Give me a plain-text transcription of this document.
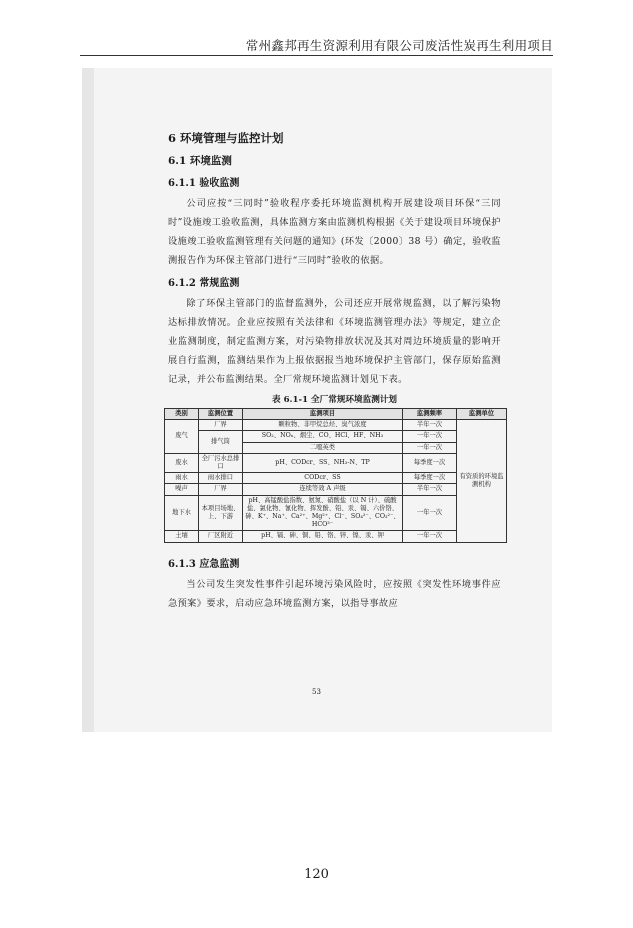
常州鑫邦再生资源利用有限公司废活性炭再生利用项目
6 环境管理与监控计划
6.1 环境监测
6.1.1 验收监测
公司应按“三同时”验收程序委托环境监测机构开展建设项目环保“三同时”设施竣工验收监测，具体监测方案由监测机构根据《关于建设项目环境保护设施竣工验收监测管理有关问题的通知》(环发〔2000〕38 号）确定，验收监测报告作为环保主管部门进行“三同时”验收的依据。
6.1.2 常规监测
除了环保主管部门的监督监测外，公司还应开展常规监测，以了解污染物达标排放情况。企业应按照有关法律和《环境监测管理办法》等规定，建立企业监测制度，制定监测方案，对污染物排放状况及其对周边环境质量的影响开展自行监测，监测结果作为上报依据报当地环境保护主管部门，保存原始监测记录，并公布监测结果。全厂常规环境监测计划见下表。
表 6.1-1 全厂常规环境监测计划
类别	监测位置	监测项目	监测频率	监测单位
废气	厂界	颗粒物、非甲烷总烃、臭气浓度	半年一次	有资质的环境监测机构
	排气筒	SO₂、NOₓ、烟尘、CO、HCl、HF、NH₃	一年一次	
		二噁英类	一年一次	
废水	全厂污水总排口	pH、CODcr、SS、NH₃-N、TP	每季度一次	
雨水	雨水排口	CODcr、SS	每季度一次	
噪声	厂界	连续等效 A 声级	半年一次	
地下水	本项目场地、上、下游	pH、高锰酸盐指数、氨氮、硝酸盐（以 N 计）、硫酸盐、氯化物、氰化物、挥发酚、铅、汞、镉、六价铬、砷、K⁺、Na⁺、Ca²⁺、Mg²⁺、Cl⁻、SO₄²⁻、CO₃²⁻、HCO³⁻	一年一次	
土壤	厂区附近	pH、镉、砷、铜、铅、铬、锌、镍、汞、钾	一年一次	
6.1.3 应急监测
当公司发生突发性事件引起环境污染风险时，应按照《突发性环境事件应急预案》要求，启动应急环境监测方案，以指导事故应
53
120
